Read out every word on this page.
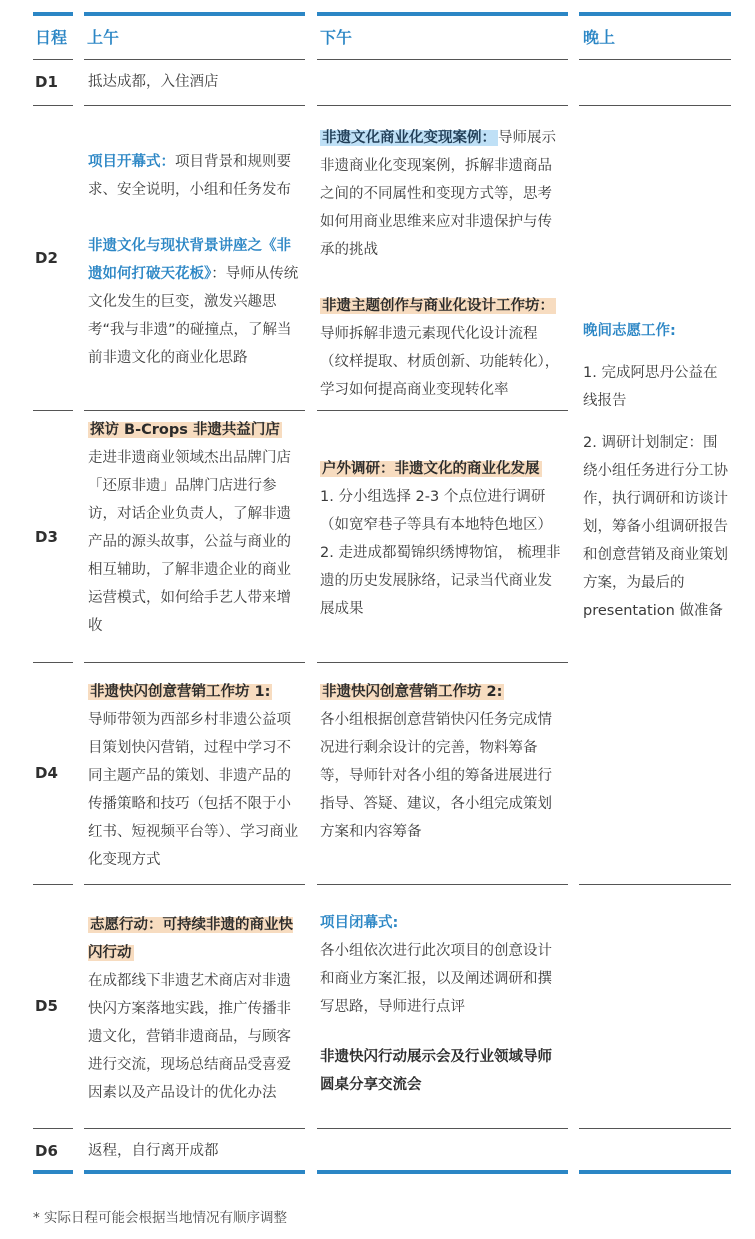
日程 上午	下午	晚上
D1 抵达成都，入住酒店
D2

项目开幕式：项目背景和规则要求、安全说明，小组和任务发布

非遗文化与现状背景讲座之《非遗如何打破天花板》：导师从传统文化发生的巨变，激发兴趣思考“我与非遗”的碰撞点，了解当前非遗文化的商业化思路

非遗文化商业化变现案例： 导师展示非遗商业化变现案例，拆解非遗商品之间的不同属性和变现方式等，思考如何用商业思维来应对非遗保护与传承的挑战

非遗主题创作与商业化设计工作坊：
导师拆解非遗元素现代化设计流程（纹样提取、材质创新、功能转化），学习如何提高商业变现转化率

晚间志愿工作:

1. 完成阿思丹公益在线报告

2. 调研计划制定：围绕小组任务进行分工协作，执行调研和访谈计划，筹备小组调研报告和创意营销及商业策划方案，为最后的 presentation 做准备

D3

探访 B-Crops 非遗共益门店

走进非遗商业领域杰出品牌门店「还原非遗」品牌门店进行参访，对话企业负责人，了解非遗产品的源头故事，公益与商业的相互辅助，了解非遗企业的商业运营模式，如何给手艺人带来增收

户外调研：非遗文化的商业化发展

1. 分小组选择 2-3 个点位进行调研（如宽窄巷子等具有本地特色地区）

2. 走进成都蜀锦织绣博物馆， 梳理非遗的历史发展脉络，记录当代商业发展成果

D4

非遗快闪创意营销工作坊 1:

导师带领为西部乡村非遗公益项目策划快闪营销，过程中学习不同主题产品的策划、非遗产品的传播策略和技巧（包括不限于小红书、短视频平台等）、学习商业化变现方式

非遗快闪创意营销工作坊 2:

各小组根据创意营销快闪任务完成情况进行剩余设计的完善，物料筹备等，导师针对各小组的筹备进展进行指导、答疑、建议，各小组完成策划方案和内容筹备

D5

志愿行动：可持续非遗的商业快闪行动

在成都线下非遗艺术商店对非遗快闪方案落地实践，推广传播非遗文化，营销非遗商品，与顾客进行交流，现场总结商品受喜爱因素以及产品设计的优化办法

项目闭幕式:

各小组依次进行此次项目的创意设计和商业方案汇报，以及阐述调研和撰写思路，导师进行点评

非遗快闪行动展示会及行业领域导师圆桌分享交流会

D6 返程，自行离开成都
* 实际日程可能会根据当地情况有顺序调整
